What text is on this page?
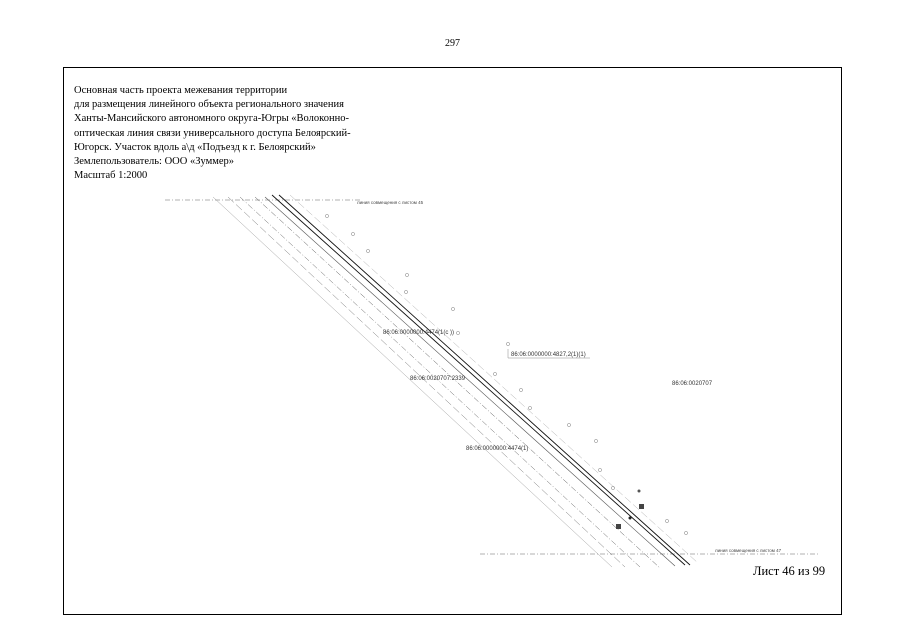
297
Основная часть проекта межевания территории
для размещения линейного объекта регионального значения
Ханты-Мансийского автономного округа-Югры «Волоконно-
оптическая линия связи универсального доступа Белоярский-
Югорск. Участок вдоль а\д «Подъезд к г. Белоярский»
Землепользователь: ООО «Зуммер»
Масштаб 1:2000
линия совмещения с листом 45
линия совмещения с листом 47
86:06:0000000:4474(1(с ))
86:06:0000000:4827,2(1)(1)
86:06:0020707:2339
86:06:0000000:4474(1)
86:06:0020707
Лист 46 из 99
